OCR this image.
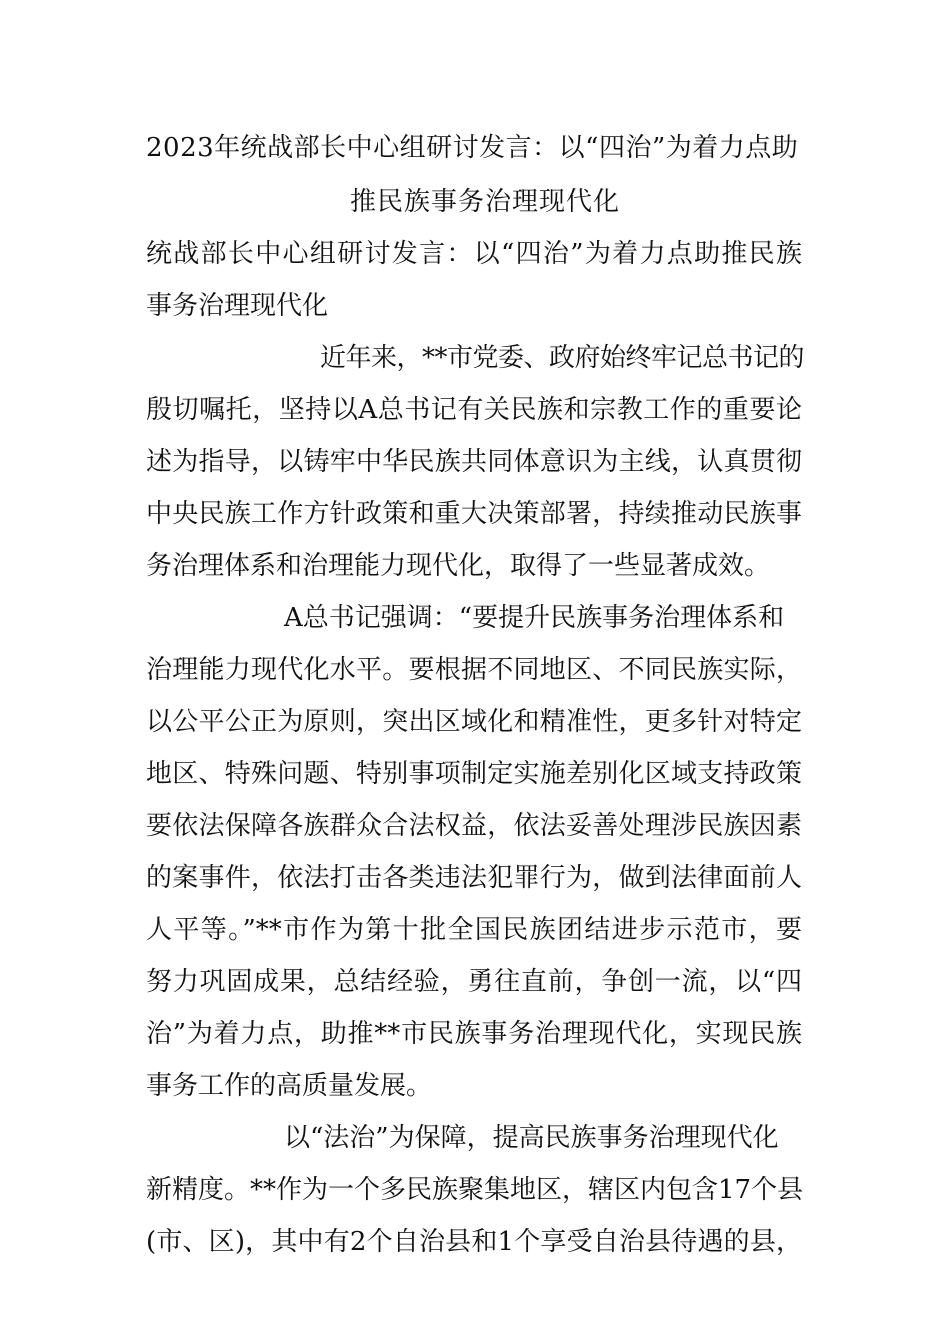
2023年统战部长中心组研讨发言：以“四治”为着力点助
推民族事务治理现代化
统战部长中心组研讨发言：以“四治”为着力点助推民族
事务治理现代化
近年来，**市党委、政府始终牢记总书记的
殷切嘱托，坚持以A总书记有关民族和宗教工作的重要论
述为指导，以铸牢中华民族共同体意识为主线，认真贯彻
中央民族工作方针政策和重大决策部署，持续推动民族事
务治理体系和治理能力现代化，取得了一些显著成效。
A总书记强调：“要提升民族事务治理体系和
治理能力现代化水平。要根据不同地区、不同民族实际，
以公平公正为原则，突出区域化和精准性，更多针对特定
地区、特殊问题、特别事项制定实施差别化区域支持政策
要依法保障各族群众合法权益，依法妥善处理涉民族因素
的案事件，依法打击各类违法犯罪行为，做到法律面前人
人平等。”**市作为第十批全国民族团结进步示范市，要
努力巩固成果，总结经验，勇往直前，争创一流，以“四
治”为着力点，助推**市民族事务治理现代化，实现民族
事务工作的高质量发展。
以“法治”为保障，提高民族事务治理现代化
新精度。**作为一个多民族聚集地区，辖区内包含17个县
(市、区)，其中有2个自治县和1个享受自治县待遇的县，
